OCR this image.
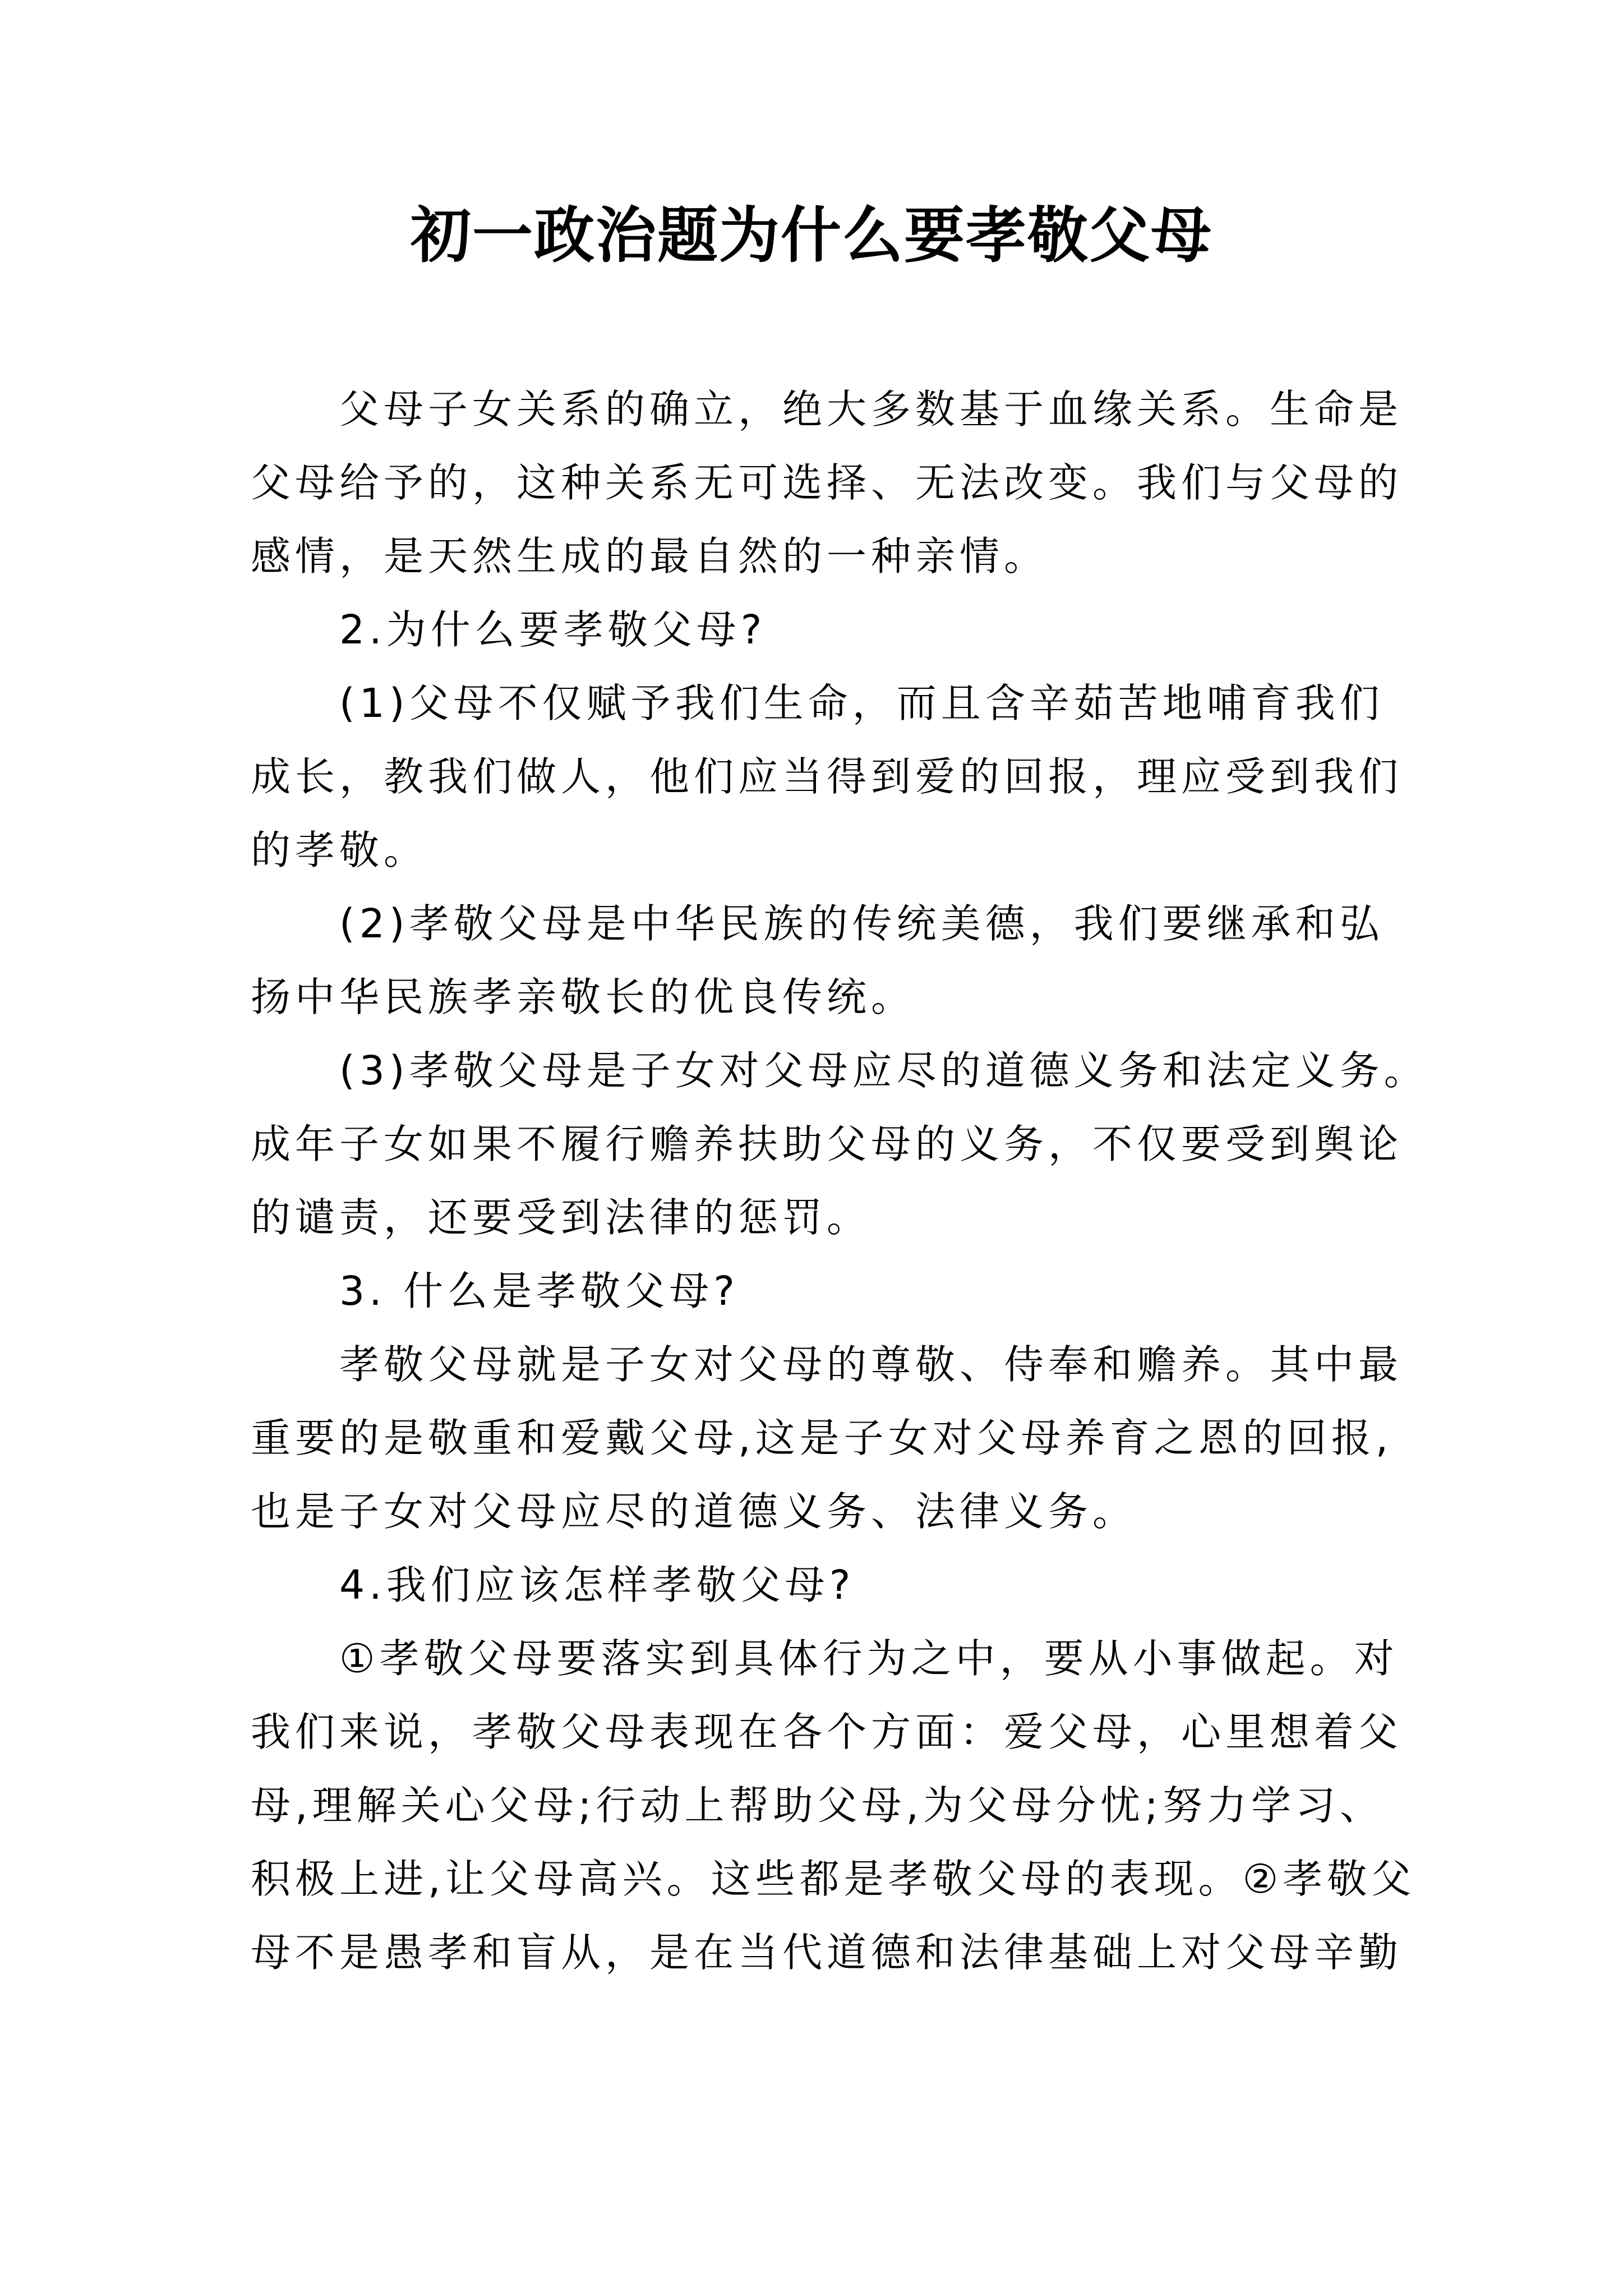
初一政治题为什么要孝敬父母
父母子女关系的确立，绝大多数基于血缘关系。生命是
父母给予的，这种关系无可选择、无法改变。我们与父母的
感情，是天然生成的最自然的一种亲情。
2.为什么要孝敬父母?
(1)父母不仅赋予我们生命，而且含辛茹苦地哺育我们
成长，教我们做人，他们应当得到爱的回报，理应受到我们
的孝敬。
(2)孝敬父母是中华民族的传统美德，我们要继承和弘
扬中华民族孝亲敬长的优良传统。
(3)孝敬父母是子女对父母应尽的道德义务和法定义务。
成年子女如果不履行赡养扶助父母的义务，不仅要受到舆论
的谴责，还要受到法律的惩罚。
3. 什么是孝敬父母?
孝敬父母就是子女对父母的尊敬、侍奉和赡养。其中最
重要的是敬重和爱戴父母,这是子女对父母养育之恩的回报,
也是子女对父母应尽的道德义务、法律义务。
4.我们应该怎样孝敬父母?
①孝敬父母要落实到具体行为之中，要从小事做起。对
我们来说，孝敬父母表现在各个方面：爱父母，心里想着父
母,理解关心父母;行动上帮助父母,为父母分忧;努力学习、
积极上进,让父母高兴。这些都是孝敬父母的表现。②孝敬父
母不是愚孝和盲从，是在当代道德和法律基础上对父母辛勤
